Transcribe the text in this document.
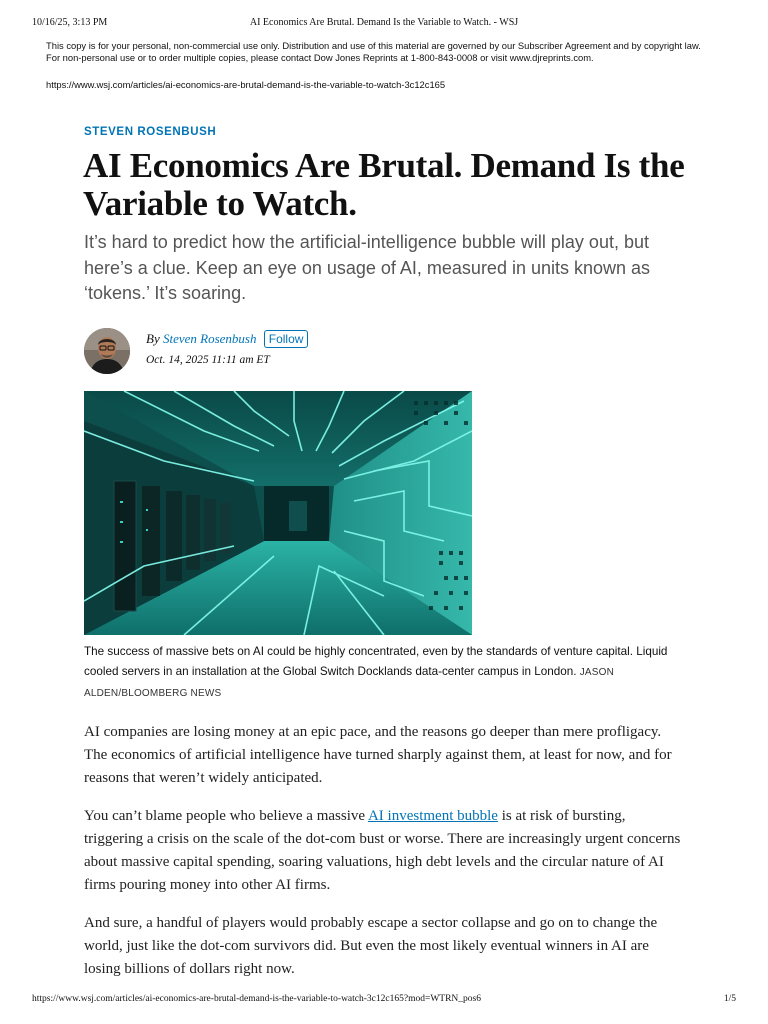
10/16/25, 3:13 PM	AI Economics Are Brutal. Demand Is the Variable to Watch. - WSJ
This copy is for your personal, non-commercial use only. Distribution and use of this material are governed by our Subscriber Agreement and by copyright law.
For non-personal use or to order multiple copies, please contact Dow Jones Reprints at 1-800-843-0008 or visit www.djreprints.com.
https://www.wsj.com/articles/ai-economics-are-brutal-demand-is-the-variable-to-watch-3c12c165
STEVEN ROSENBUSH
AI Economics Are Brutal. Demand Is the Variable to Watch.

It’s hard to predict how the artificial-intelligence bubble will play out, but here’s a clue. Keep an eye on usage of AI, measured in units known as ‘tokens.’ It’s soaring.

By Steven Rosenbush Follow
Oct. 14, 2025 11:11 am ET
The success of massive bets on AI could be highly concentrated, even by the standards of venture capital. Liquid cooled servers in an installation at the Global Switch Docklands data-center campus in London. JASON ALDEN/BLOOMBERG NEWS

AI companies are losing money at an epic pace, and the reasons go deeper than mere profligacy. The economics of artificial intelligence have turned sharply against them, at least for now, and for reasons that weren’t widely anticipated.

You can’t blame people who believe a massive AI investment bubble is at risk of bursting, triggering a crisis on the scale of the dot-com bust or worse. There are increasingly urgent concerns about massive capital spending, soaring valuations, high debt levels and the circular nature of AI firms pouring money into other AI firms.

And sure, a handful of players would probably escape a sector collapse and go on to change the world, just like the dot-com survivors did. But even the most likely eventual winners in AI are losing billions of dollars right now.

https://www.wsj.com/articles/ai-economics-are-brutal-demand-is-the-variable-to-watch-3c12c165?mod=WTRN_pos6	1/5
